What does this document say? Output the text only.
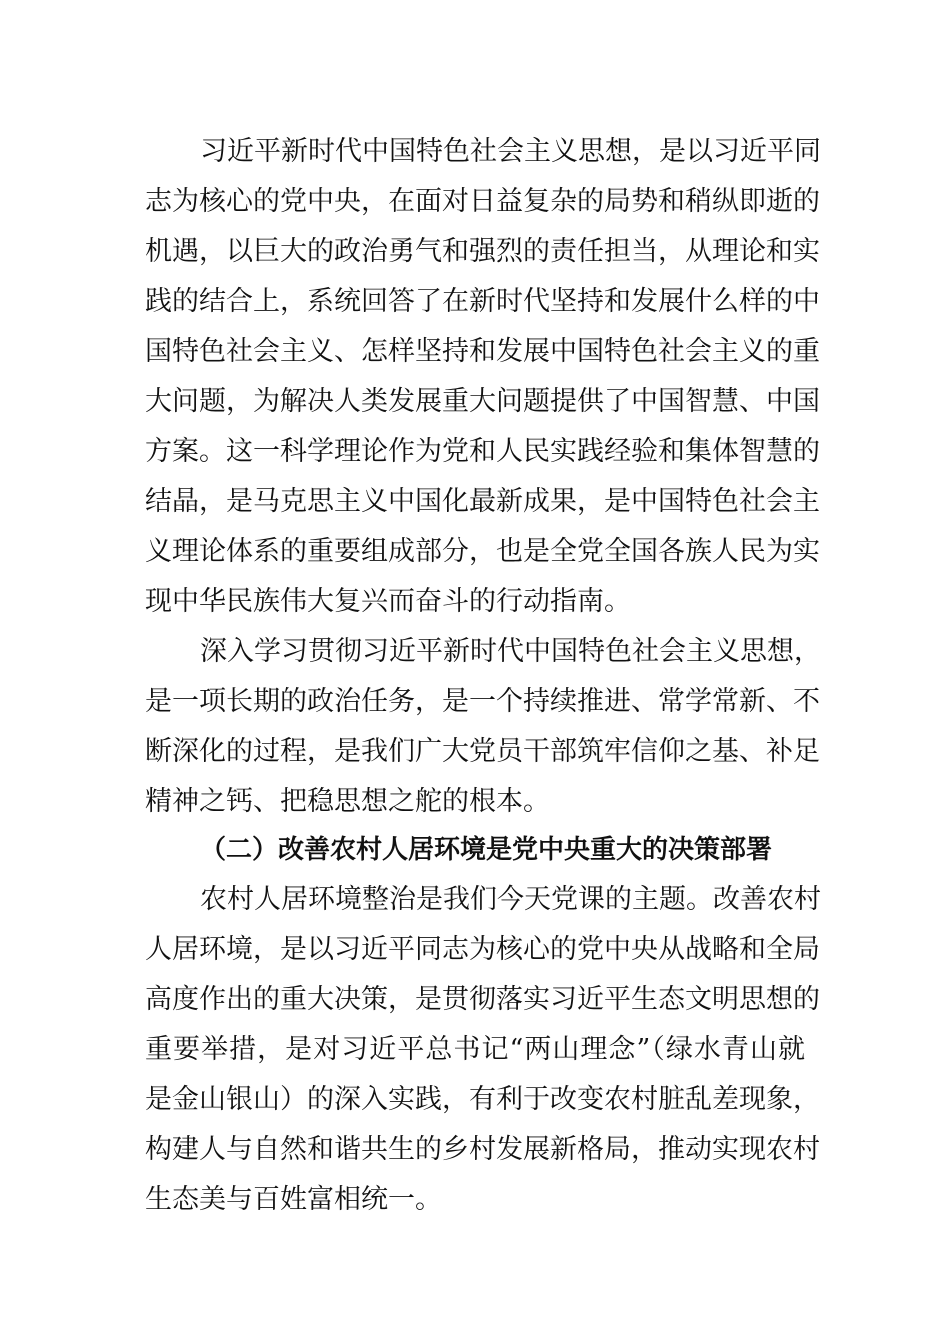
习近平新时代中国特色社会主义思想，是以习近平同
志为核心的党中央，在面对日益复杂的局势和稍纵即逝的
机遇，以巨大的政治勇气和强烈的责任担当，从理论和实
践的结合上，系统回答了在新时代坚持和发展什么样的中
国特色社会主义、怎样坚持和发展中国特色社会主义的重
大问题，为解决人类发展重大问题提供了中国智慧、中国
方案。这一科学理论作为党和人民实践经验和集体智慧的
结晶，是马克思主义中国化最新成果，是中国特色社会主
义理论体系的重要组成部分，也是全党全国各族人民为实
现中华民族伟大复兴而奋斗的行动指南。
深入学习贯彻习近平新时代中国特色社会主义思想，
是一项长期的政治任务，是一个持续推进、常学常新、不
断深化的过程，是我们广大党员干部筑牢信仰之基、补足
精神之钙、把稳思想之舵的根本。
（二）改善农村人居环境是党中央重大的决策部署
农村人居环境整治是我们今天党课的主题。改善农村
人居环境，是以习近平同志为核心的党中央从战略和全局
高度作出的重大决策，是贯彻落实习近平生态文明思想的
重要举措，是对习近平总书记“两山理念”（绿水青山就
是金山银山）的深入实践，有利于改变农村脏乱差现象，
构建人与自然和谐共生的乡村发展新格局，推动实现农村
生态美与百姓富相统一。
